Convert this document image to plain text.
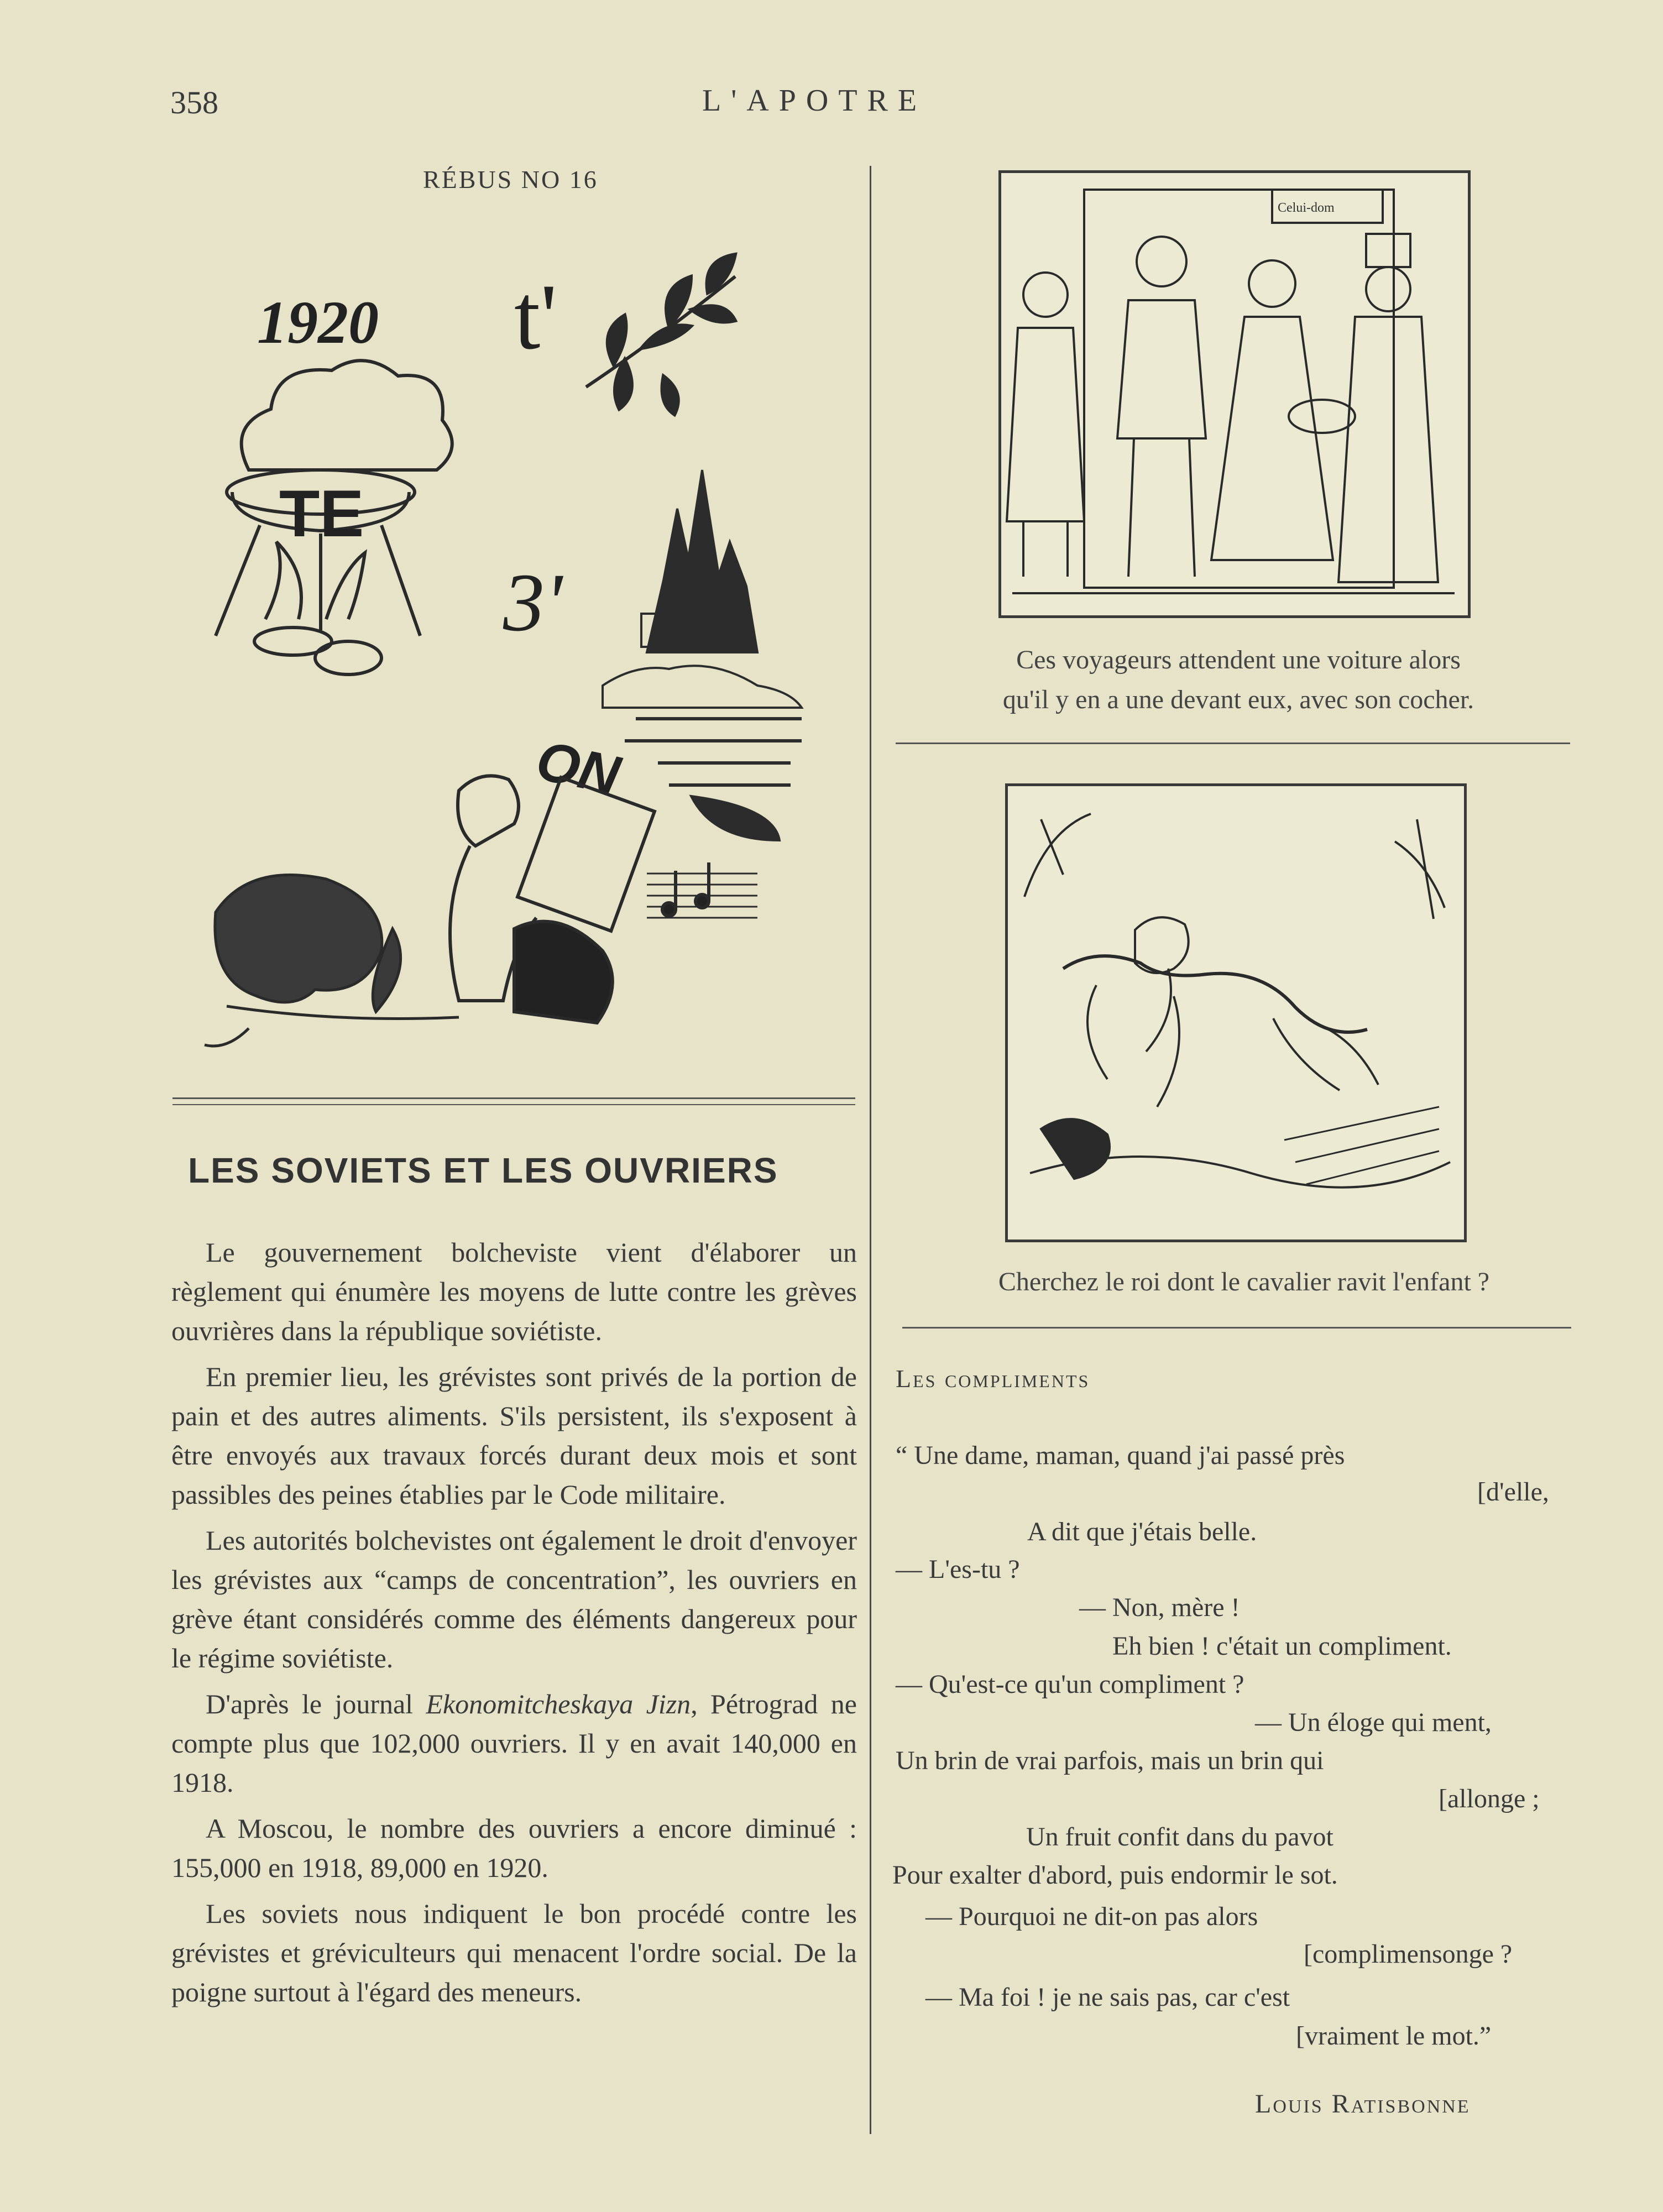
358	L'APOTRE
RÉBUS NO 16
1920 t'
TE
3'
ON
LES SOVIETS ET LES OUVRIERS

Le gouvernement bolcheviste vient d'élaborer un règlement qui énumère les moyens de lutte contre les grèves ouvrières dans la république soviétiste.

En premier lieu, les grévistes sont privés de la portion de pain et des autres aliments. S'ils persistent, ils s'exposent à être envoyés aux travaux forcés durant deux mois et sont passibles des peines établies par le Code militaire.

Les autorités bolchevistes ont également le droit d'envoyer les grévistes aux “camps de concentration”, les ouvriers en grève étant considérés comme des éléments dangereux pour le régime soviétiste.

D'après le journal Ekonomitcheskaya Jizn, Pétrograd ne compte plus que 102,000 ouvriers. Il y en avait 140,000 en 1918.

A Moscou, le nombre des ouvriers a encore diminué : 155,000 en 1918, 89,000 en 1920.

Les soviets nous indiquent le bon procédé contre les grévistes et gréviculteurs qui menacent l'ordre social. De la poigne surtout à l'égard des meneurs.

Celui-dom
Ces voyageurs attendent une voiture alors
qu'il y en a une devant eux, avec son cocher.
Cherchez le roi dont le cavalier ravit l'enfant ?
Les compliments
“ Une dame, maman, quand j'ai passé près
[d'elle,
A dit que j'étais belle.
— L'es-tu ?
— Non, mère !
Eh bien ! c'était un compliment.
— Qu'est-ce qu'un compliment ?
— Un éloge qui ment,
Un brin de vrai parfois, mais un brin qui
[allonge ;
Un fruit confit dans du pavot
Pour exalter d'abord, puis endormir le sot.
— Pourquoi ne dit-on pas alors
[complimensonge ?
— Ma foi ! je ne sais pas, car c'est
[vraiment le mot.”
Louis Ratisbonne
